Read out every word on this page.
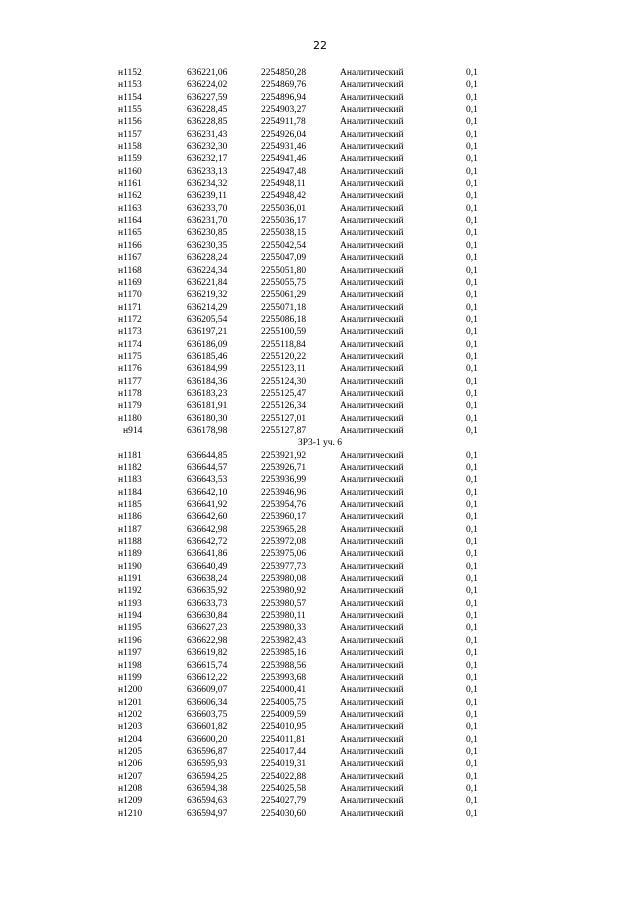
22
н1152	636221,06	2254850,28	Аналитический	0,1
н1153	636224,02	2254869,76	Аналитический	0,1
н1154	636227,59	2254896,94	Аналитический	0,1
н1155	636228,45	2254903,27	Аналитический	0,1
н1156	636228,85	2254911,78	Аналитический	0,1
н1157	636231,43	2254926,04	Аналитический	0,1
н1158	636232,30	2254931,46	Аналитический	0,1
н1159	636232,17	2254941,46	Аналитический	0,1
н1160	636233,13	2254947,48	Аналитический	0,1
н1161	636234,32	2254948,11	Аналитический	0,1
н1162	636239,11	2254948,42	Аналитический	0,1
н1163	636233,70	2255036,01	Аналитический	0,1
н1164	636231,70	2255036,17	Аналитический	0,1
н1165	636230,85	2255038,15	Аналитический	0,1
н1166	636230,35	2255042,54	Аналитический	0,1
н1167	636228,24	2255047,09	Аналитический	0,1
н1168	636224,34	2255051,80	Аналитический	0,1
н1169	636221,84	2255055,75	Аналитический	0,1
н1170	636219,32	2255061,29	Аналитический	0,1
н1171	636214,29	2255071,18	Аналитический	0,1
н1172	636205,54	2255086,18	Аналитический	0,1
н1173	636197,21	2255100,59	Аналитический	0,1
н1174	636186,09	2255118,84	Аналитический	0,1
н1175	636185,46	2255120,22	Аналитический	0,1
н1176	636184,99	2255123,11	Аналитический	0,1
н1177	636184,36	2255124,30	Аналитический	0,1
н1178	636183,23	2255125,47	Аналитический	0,1
н1179	636181,91	2255126,34	Аналитический	0,1
н1180	636180,30	2255127,01	Аналитический	0,1
н914	636178,98	2255127,87	Аналитический	0,1
ЗР3-1 уч. 6
н1181	636644,85	2253921,92	Аналитический	0,1
н1182	636644,57	2253926,71	Аналитический	0,1
н1183	636643,53	2253936,99	Аналитический	0,1
н1184	636642,10	2253946,96	Аналитический	0,1
н1185	636641,92	2253954,76	Аналитический	0,1
н1186	636642,60	2253960,17	Аналитический	0,1
н1187	636642,98	2253965,28	Аналитический	0,1
н1188	636642,72	2253972,08	Аналитический	0,1
н1189	636641,86	2253975,06	Аналитический	0,1
н1190	636640,49	2253977,73	Аналитический	0,1
н1191	636638,24	2253980,08	Аналитический	0,1
н1192	636635,92	2253980,92	Аналитический	0,1
н1193	636633,73	2253980,57	Аналитический	0,1
н1194	636630,84	2253980,11	Аналитический	0,1
н1195	636627,23	2253980,33	Аналитический	0,1
н1196	636622,98	2253982,43	Аналитический	0,1
н1197	636619,82	2253985,16	Аналитический	0,1
н1198	636615,74	2253988,56	Аналитический	0,1
н1199	636612,22	2253993,68	Аналитический	0,1
н1200	636609,07	2254000,41	Аналитический	0,1
н1201	636606,34	2254005,75	Аналитический	0,1
н1202	636603,75	2254009,59	Аналитический	0,1
н1203	636601,82	2254010,95	Аналитический	0,1
н1204	636600,20	2254011,81	Аналитический	0,1
н1205	636596,87	2254017,44	Аналитический	0,1
н1206	636595,93	2254019,31	Аналитический	0,1
н1207	636594,25	2254022,88	Аналитический	0,1
н1208	636594,38	2254025,58	Аналитический	0,1
н1209	636594,63	2254027,79	Аналитический	0,1
н1210	636594,97	2254030,60	Аналитический	0,1
